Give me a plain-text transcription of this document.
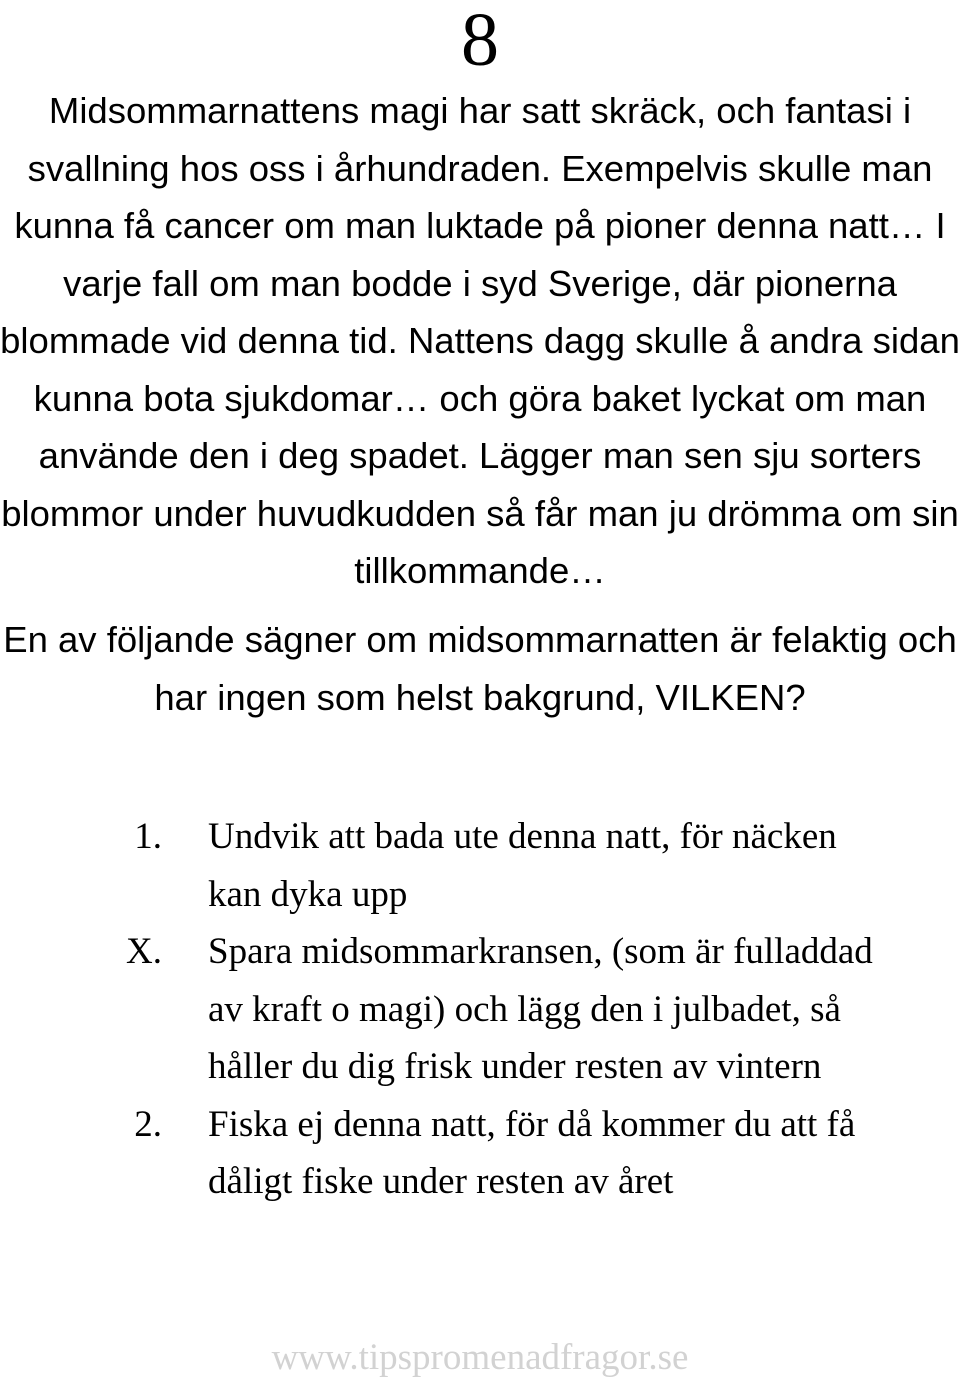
8

Midsommarnattens magi har satt skräck, och fantasi i svallning hos oss i århundraden. Exempelvis skulle man kunna få cancer om man luktade på pioner denna natt… I varje fall om man bodde i syd Sverige, där pionerna blommade vid denna tid. Nattens dagg skulle å andra sidan kunna bota sjukdomar… och göra baket lyckat om man använde den i deg spadet. Lägger man sen sju sorters blommor under huvudkudden så får man ju drömma om sin tillkommande…

En av följande sägner om midsommarnatten är felaktig och har ingen som helst bakgrund, VILKEN?

1. Undvik att bada ute denna natt, för näcken kan dyka upp
X. Spara midsommarkransen, (som är fulladdad av kraft o magi) och lägg den i julbadet, så håller du dig frisk under resten av vintern
2. Fiska ej denna natt, för då kommer du att få dåligt fiske under resten av året
www.tipspromenadfragor.se
